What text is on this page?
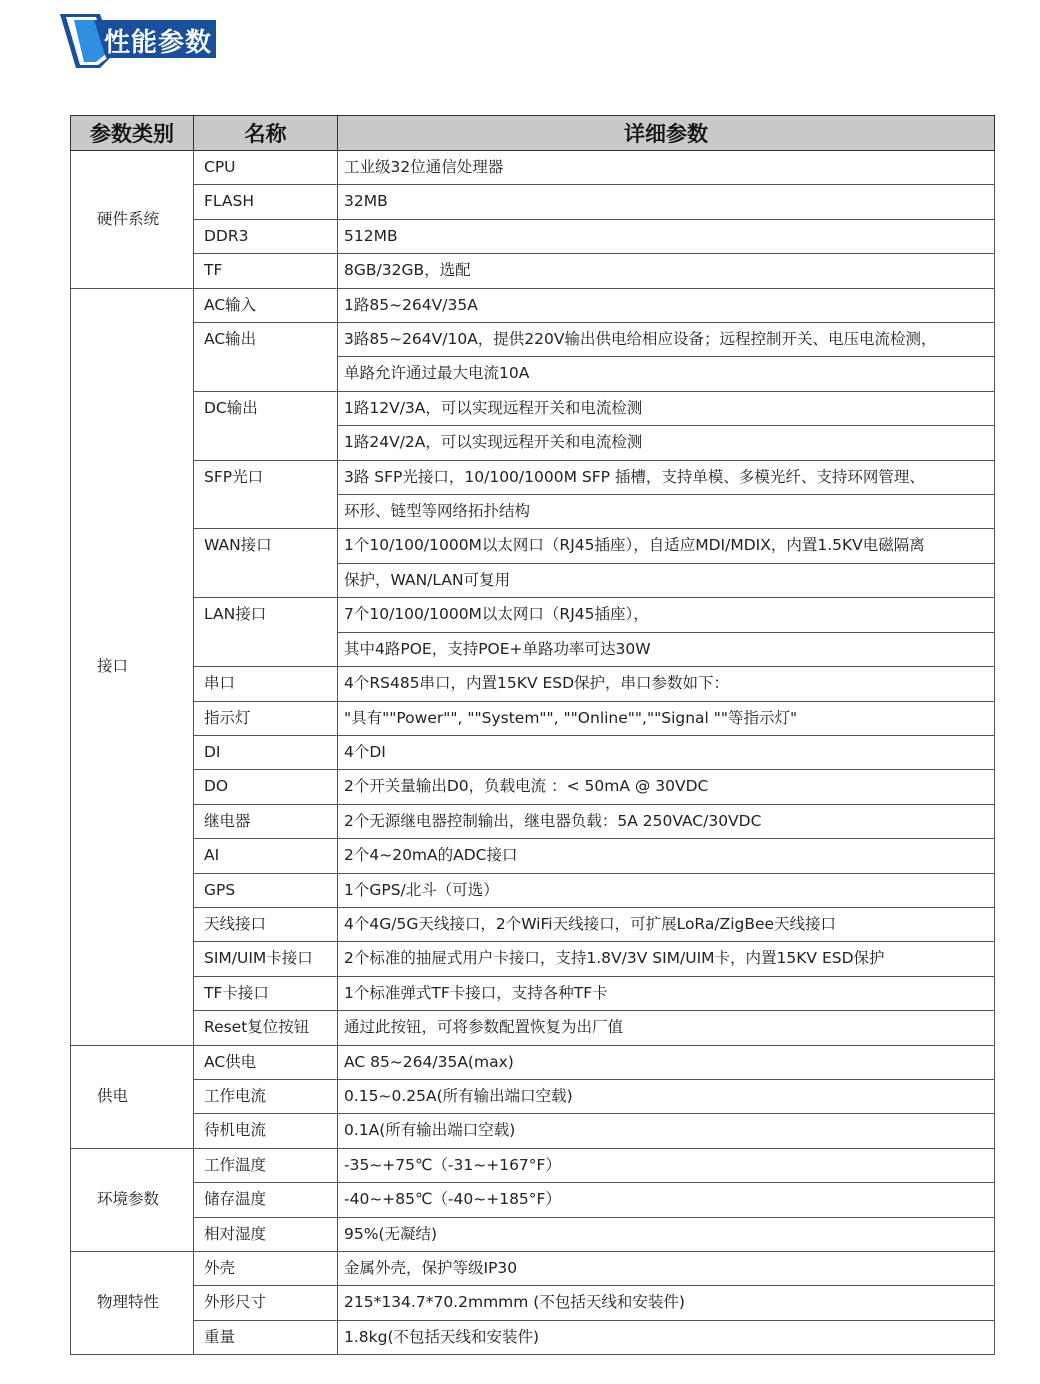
性能参数
参数类别	名称	详细参数
硬件系统	CPU	工业级32位通信处理器
	FLASH	32MB
	DDR3	512MB
	TF	8GB/32GB，选配
接口	AC输入	1路85~264V/35A
	AC输出	3路85~264V/10A，提供220V输出供电给相应设备；远程控制开关、电压电流检测，
		单路允许通过最大电流10A
	DC输出	1路12V/3A，可以实现远程开关和电流检测
		1路24V/2A，可以实现远程开关和电流检测
	SFP光口	3路 SFP光接口，10/100/1000M SFP 插槽，支持单模、多模光纤、支持环网管理、
		环形、链型等网络拓扑结构
	WAN接口	1个10/100/1000M以太网口（RJ45插座），自适应MDI/MDIX，内置1.5KV电磁隔离
		保护，WAN/LAN可复用
	LAN接口	7个10/100/1000M以太网口（RJ45插座），
		其中4路POE，支持POE+单路功率可达30W
	串口	4个RS485串口，内置15KV ESD保护，串口参数如下：
	指示灯	"具有""Power"", ""System"", ""Online"",""Signal ""等指示灯"
	DI	4个DI
	DO	2个开关量输出D0，负载电流 ：< 50mA @ 30VDC
	继电器	2个无源继电器控制输出，继电器负载：5A 250VAC/30VDC
	AI	2个4~20mA的ADC接口
	GPS	1个GPS/北斗（可选）
	天线接口	4个4G/5G天线接口，2个WiFi天线接口，可扩展LoRa/ZigBee天线接口
	SIM/UIM卡接口	2个标准的抽屉式用户卡接口，支持1.8V/3V SIM/UIM卡，内置15KV ESD保护
	TF卡接口	1个标准弹式TF卡接口，支持各种TF卡
	Reset复位按钮	通过此按钮，可将参数配置恢复为出厂值
供电	AC供电	AC 85~264/35A(max)
	工作电流	0.15~0.25A(所有输出端口空载)
	待机电流	0.1A(所有输出端口空载)
环境参数	工作温度	-35~+75℃（-31~+167°F）
	储存温度	-40~+85℃（-40~+185°F）
	相对湿度	95%(无凝结)
物理特性	外壳	金属外壳，保护等级IP30
	外形尺寸	215*134.7*70.2mmmm (不包括天线和安装件)
	重量	1.8kg(不包括天线和安装件)
